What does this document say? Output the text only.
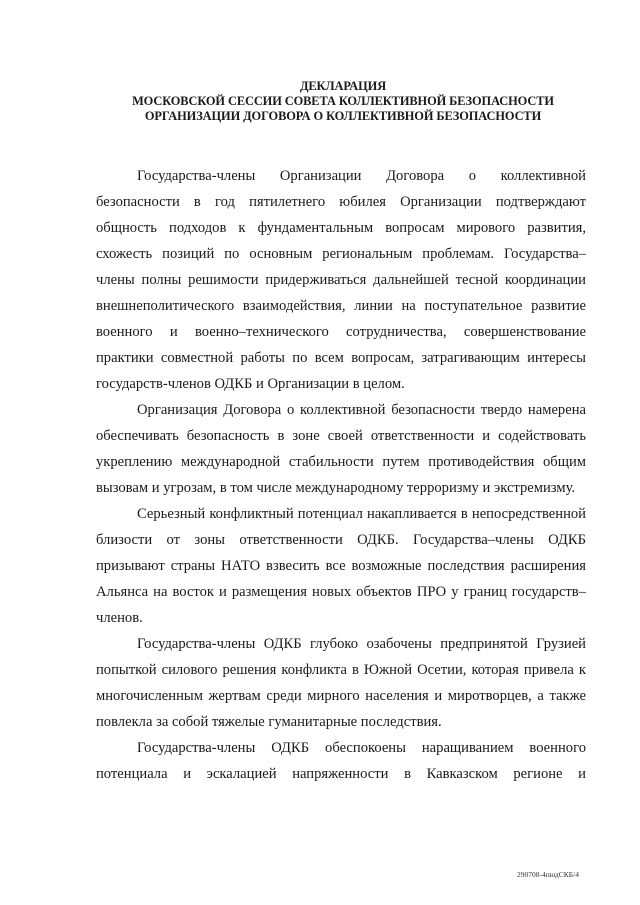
ДЕКЛАРАЦИЯ
МОСКОВСКОЙ СЕССИИ СОВЕТА КОЛЛЕКТИВНОЙ БЕЗОПАСНОСТИ
ОРГАНИЗАЦИИ ДОГОВОРА О КОЛЛЕКТИВНОЙ БЕЗОПАСНОСТИ

Государства-члены Организации Договора о коллективной безопасности в год пятилетнего юбилея Организации подтверждают общность подходов к фундаментальным вопросам мирового развития, схожесть позиций по основным региональным проблемам. Государства–члены полны решимости придерживаться дальнейшей тесной координации внешнеполитического взаимодействия, линии на поступательное развитие военного и военно–технического сотрудничества, совершенствование практики совместной работы по всем вопросам, затрагивающим интересы государств-членов ОДКБ и Организации в целом.

Организация Договора о коллективной безопасности твердо намерена обеспечивать безопасность в зоне своей ответственности и содействовать укреплению международной стабильности путем противодействия общим вызовам и угрозам, в том числе международному терроризму и экстремизму.

Серьезный конфликтный потенциал накапливается в непосредственной близости от зоны ответственности ОДКБ. Государства–члены ОДКБ призывают страны НАТО взвесить все возможные последствия расширения Альянса на восток и размещения новых объектов ПРО у границ государств–членов.

Государства-члены ОДКБ глубоко озабочены предпринятой Грузией попыткой силового решения конфликта в Южной Осетии, которая привела к многочисленным жертвам среди мирного населения и миротворцев, а также повлекла за собой тяжелые гуманитарные последствия.

Государства-члены ОДКБ обеспокоены наращиванием военного потенциала и эскалацией напряженности в Кавказском регионе и

290708-4пюдСКБ/4
